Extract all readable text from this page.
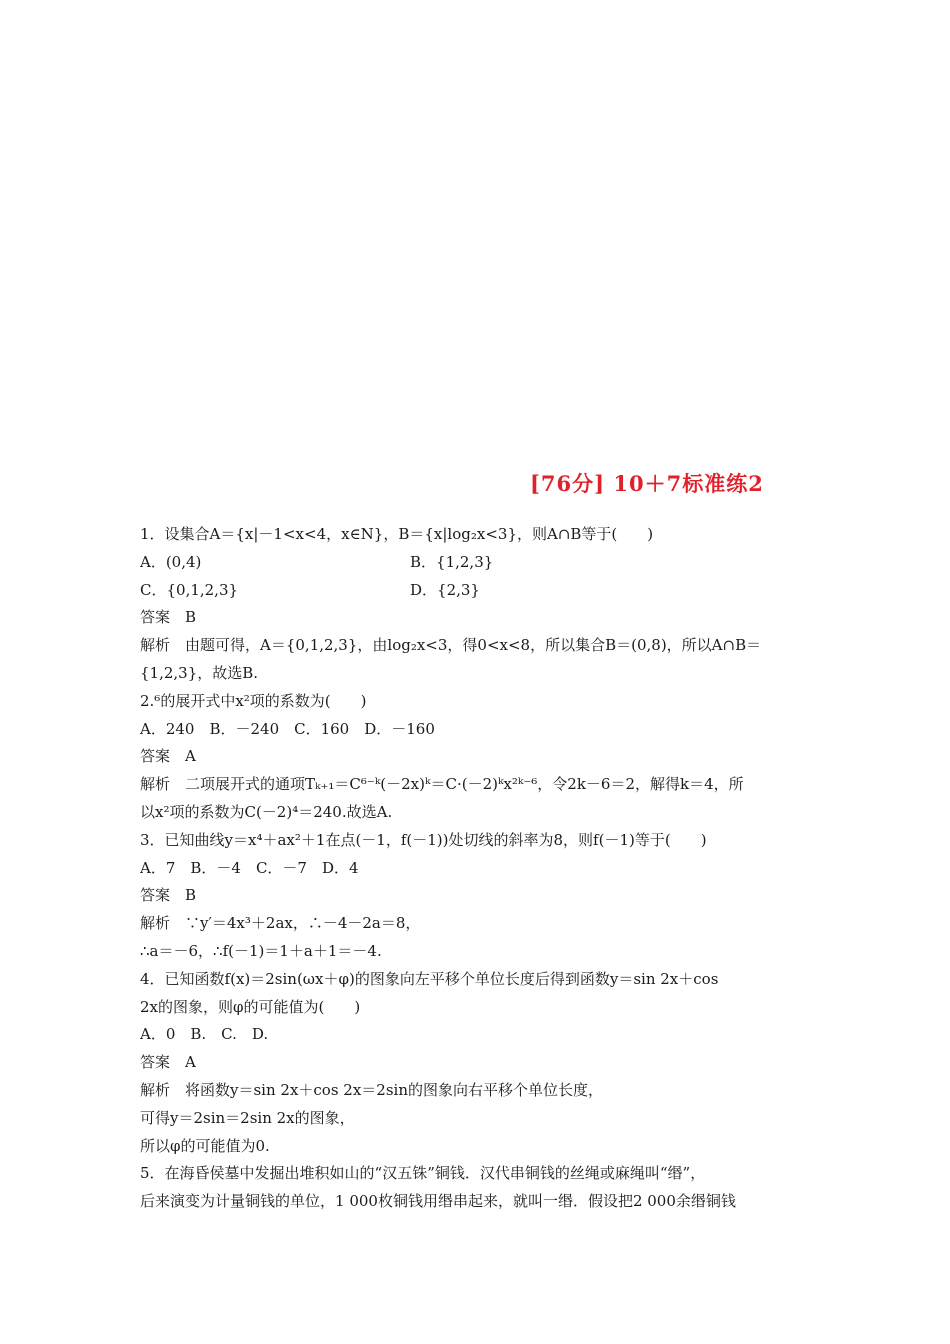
[76分] 10＋7标准练2
1．设集合A＝{x|－1<x<4，x∈N}，B＝{x|log₂x<3}，则A∩B等于(　　)
A．(0,4)	B．{1,2,3}
C．{0,1,2,3}	D．{2,3}
答案　B
解析　由题可得，A＝{0,1,2,3}，由log₂x<3，得0<x<8，所以集合B＝(0,8)，所以A∩B＝
{1,2,3}，故选B.
2.⁶的展开式中x²项的系数为(　　)
A．240　B．－240　C．160　D．－160
答案　A
解析　二项展开式的通项Tₖ₊₁＝C⁶⁻ᵏ(－2x)ᵏ＝C·(－2)ᵏx²ᵏ⁻⁶，令2k－6＝2，解得k＝4，所
以x²项的系数为C(－2)⁴＝240.故选A.
3．已知曲线y＝x⁴＋ax²＋1在点(－1，f(－1))处切线的斜率为8，则f(－1)等于(　　)
A．7　B．－4　C．－7　D．4
答案　B
解析　∵y′＝4x³＋2ax，∴－4－2a＝8，
∴a＝－6，∴f(－1)＝1＋a＋1＝－4.
4．已知函数f(x)＝2sin(ωx＋φ)的图象向左平移个单位长度后得到函数y＝sin 2x＋cos
2x的图象，则φ的可能值为(　　)
A．0　B.　C.　D.
答案　A
解析　将函数y＝sin 2x＋cos 2x＝2sin的图象向右平移个单位长度，
可得y＝2sin＝2sin 2x的图象，
所以φ的可能值为0.
5．在海昏侯墓中发掘出堆积如山的“汉五铢”铜钱．汉代串铜钱的丝绳或麻绳叫“缗”，
后来演变为计量铜钱的单位，1 000枚铜钱用缗串起来，就叫一缗．假设把2 000余缗铜钱
